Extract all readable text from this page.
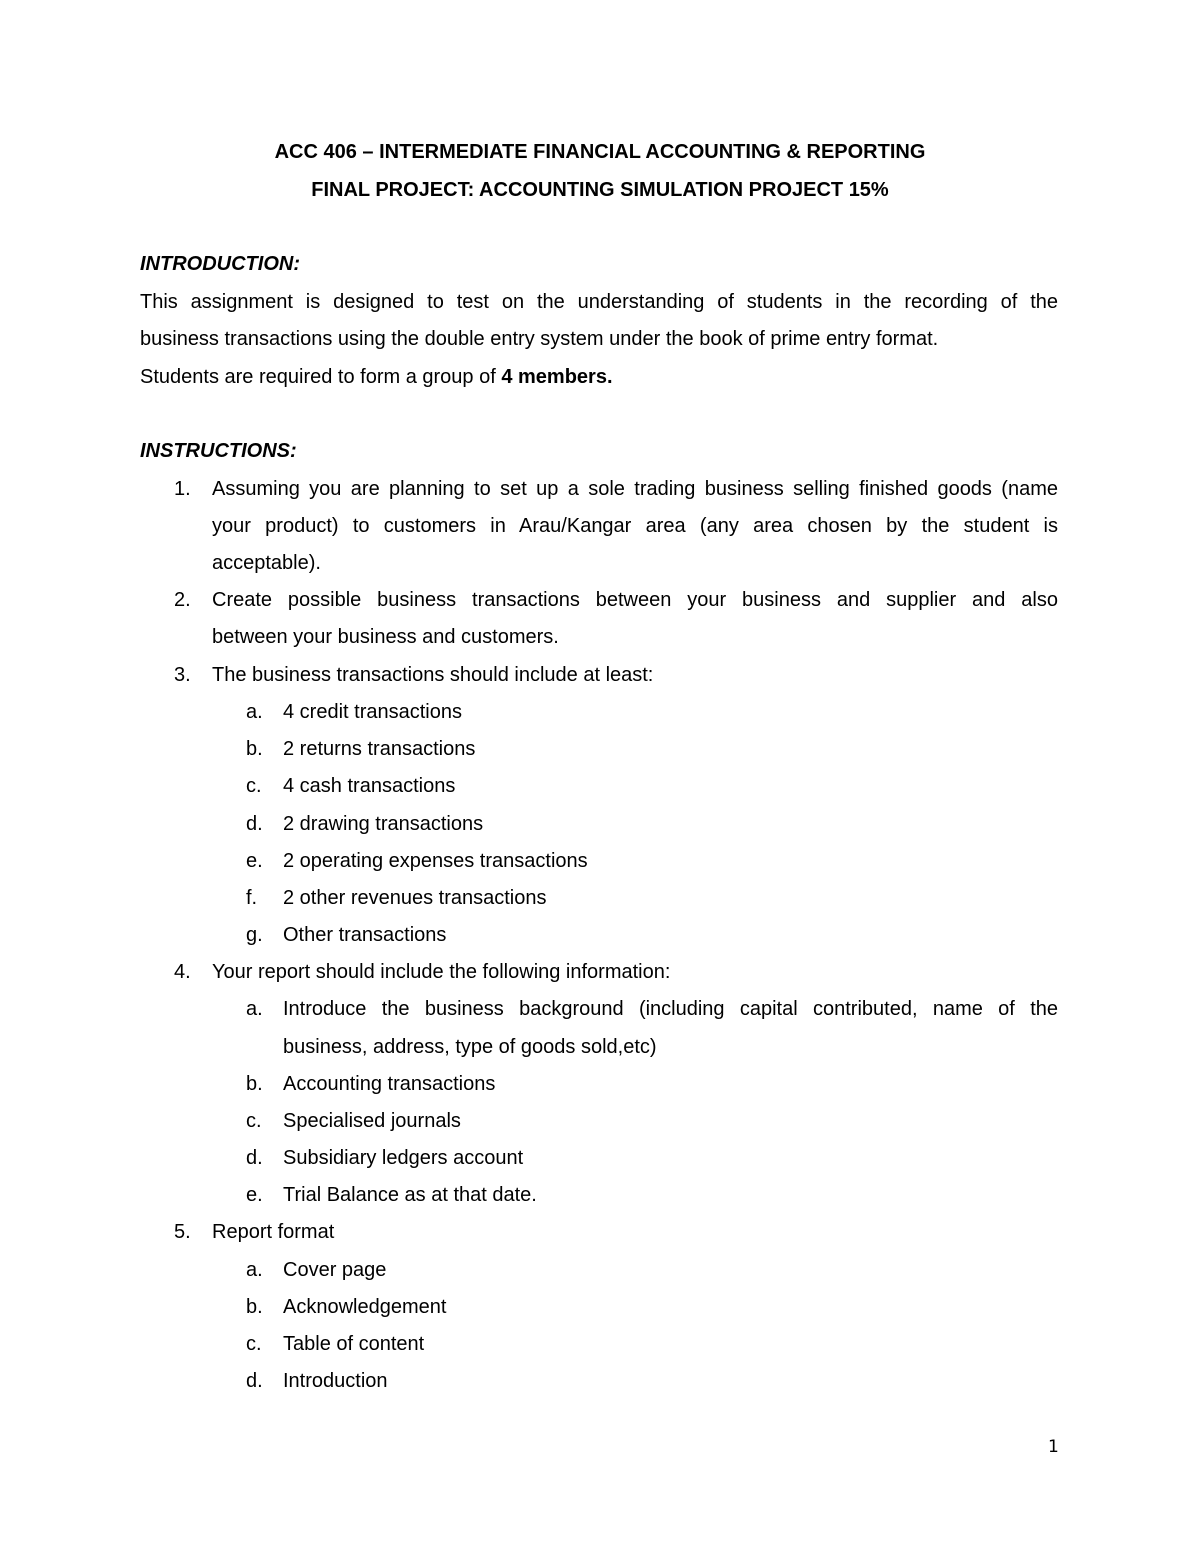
ACC 406 – INTERMEDIATE FINANCIAL ACCOUNTING & REPORTING
FINAL PROJECT: ACCOUNTING SIMULATION PROJECT 15%
INTRODUCTION:
This assignment is designed to test on the understanding of students in the recording of the
business transactions using the double entry system under the book of prime entry format.
Students are required to form a group of 4 members.
INSTRUCTIONS:
1. Assuming you are planning to set up a sole trading business selling finished goods (name
your product) to customers in Arau/Kangar area (any area chosen by the student is
acceptable).
2. Create possible business transactions between your business and supplier and also
between your business and customers.
3. The business transactions should include at least:
a. 4 credit transactions
b. 2 returns transactions
c. 4 cash transactions
d. 2 drawing transactions
e. 2 operating expenses transactions
f. 2 other revenues transactions
g. Other transactions
4. Your report should include the following information:
a. Introduce the business background (including capital contributed, name of the
business, address, type of goods sold,etc)
b. Accounting transactions
c. Specialised journals
d. Subsidiary ledgers account
e. Trial Balance as at that date.
5. Report format
a. Cover page
b. Acknowledgement
c. Table of content
d. Introduction
1
